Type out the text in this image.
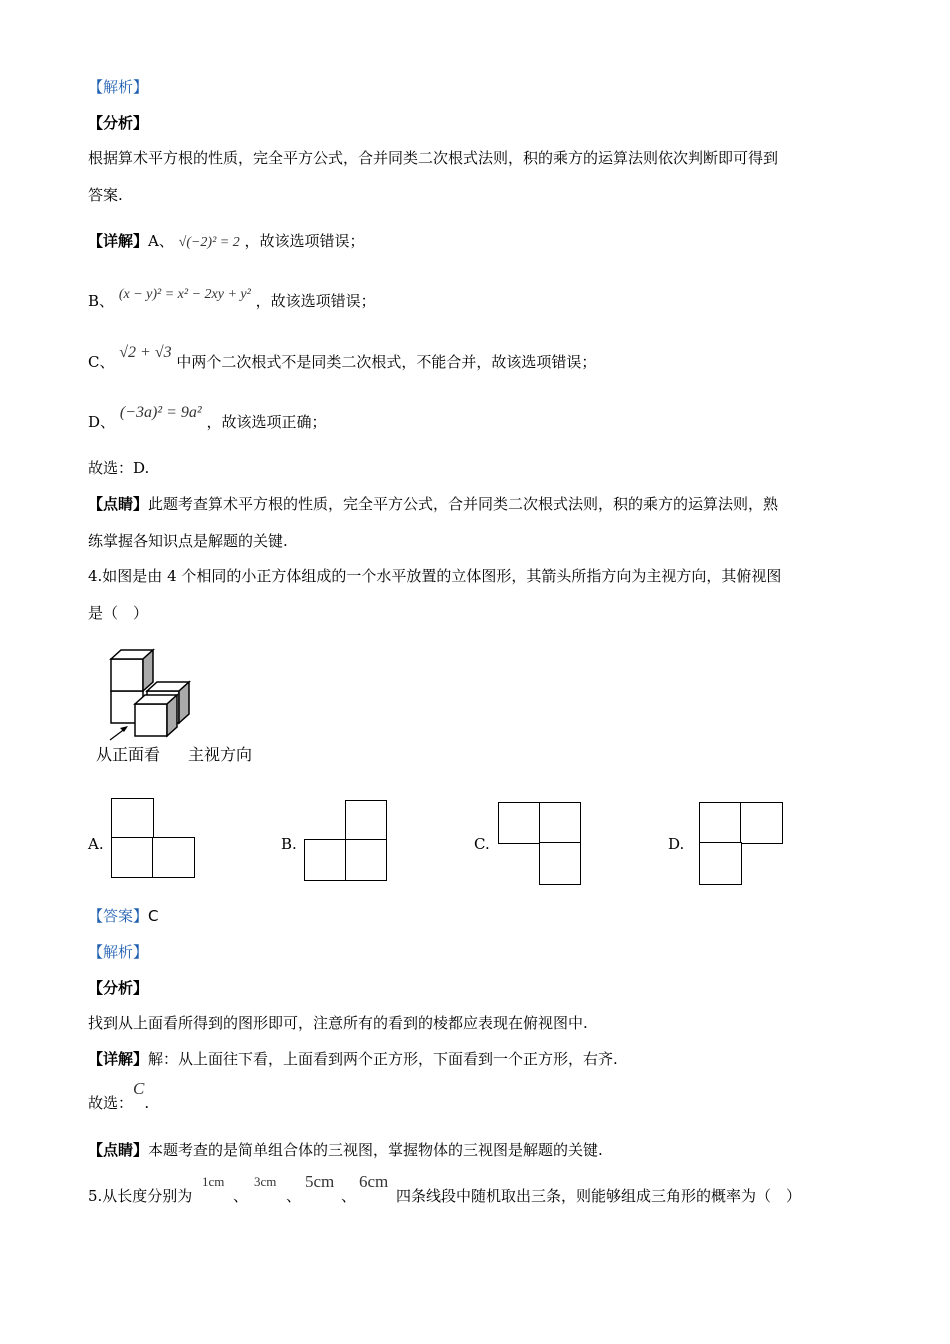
【解析】
【分析】
根据算术平方根的性质，完全平方公式，合并同类二次根式法则，积的乘方的运算法则依次判断即可得到
答案.
【详解】A、 √(−2)² = 2 ，故该选项错误；
B、 (x − y)² = x² − 2xy + y² ，故该选项错误；
C、 √2 + √3 中两个二次根式不是同类二次根式，不能合并，故该选项错误；
D、 (−3a)² = 9a² ，故该选项正确；
故选：D.
【点睛】此题考查算术平方根的性质，完全平方公式，合并同类二次根式法则，积的乘方的运算法则，熟
练掌握各知识点是解题的关键.
4.如图是由 4 个相同的小正方体组成的一个水平放置的立体图形，其箭头所指方向为主视方向，其俯视图
是（　）
从正面看 主视方向
A.	B.	C.	D.
【答案】C
【解析】
【分析】
找到从上面看所得到的图形即可，注意所有的看到的棱都应表现在俯视图中.
【详解】解：从上面往下看，上面看到两个正方形，下面看到一个正方形，右齐.
故选：C.
【点睛】本题考查的是简单组合体的三视图，掌握物体的三视图是解题的关键.
5.从长度分别为
1cm
、
3cm
、
5cm
、
6cm
四条线段中随机取出三条，则能够组成三角形的概率为（　）
